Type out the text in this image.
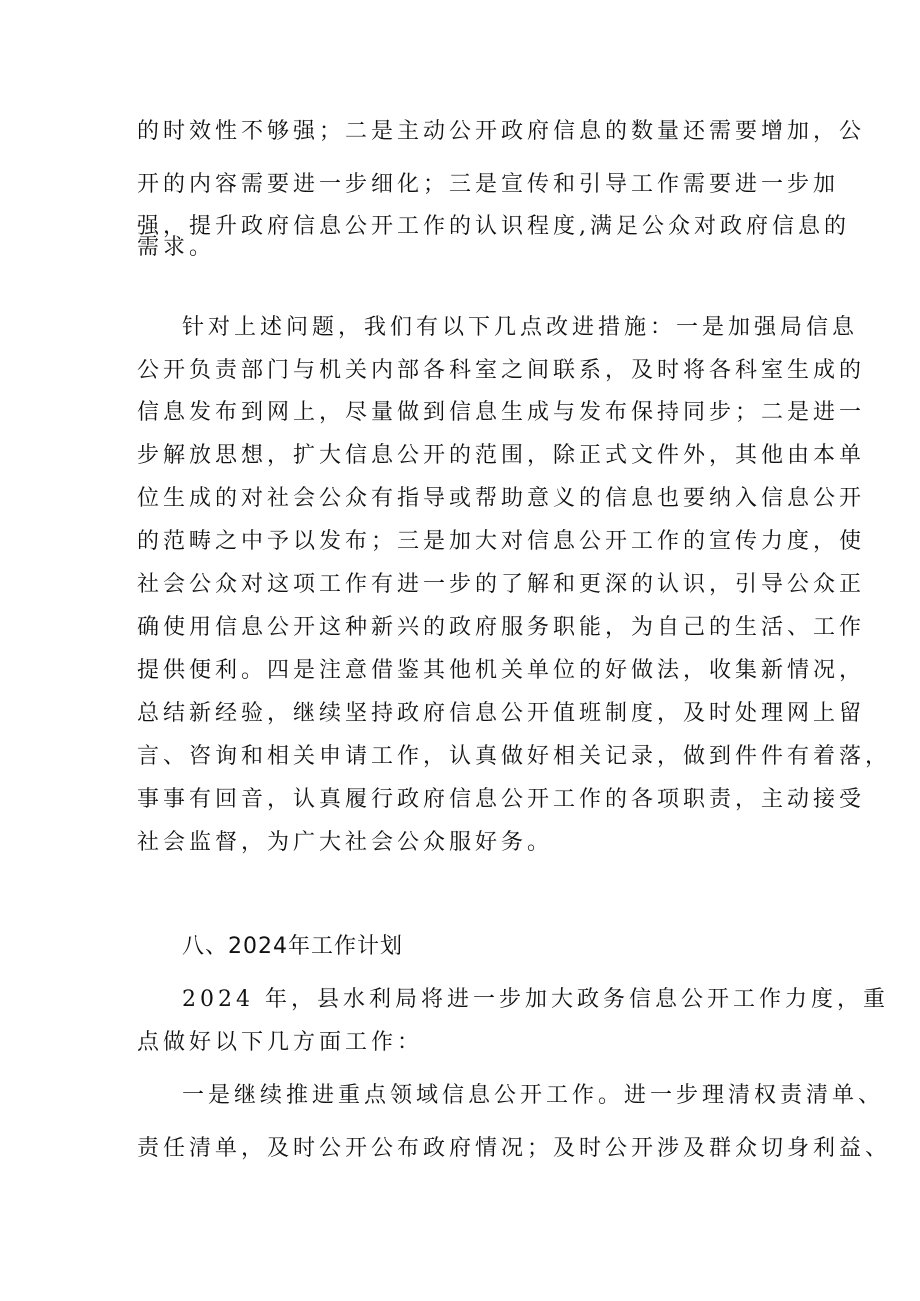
的时效性不够强；二是主动公开政府信息的数量还需要增加，公
开的内容需要进一步细化；三是宣传和引导工作需要进一步加
强，提升政府信息公开工作的认识程度,满足公众对政府信息的
需求。
针对上述问题，我们有以下几点改进措施：一是加强局信息
公开负责部门与机关内部各科室之间联系，及时将各科室生成的
信息发布到网上，尽量做到信息生成与发布保持同步；二是进一
步解放思想，扩大信息公开的范围，除正式文件外，其他由本单
位生成的对社会公众有指导或帮助意义的信息也要纳入信息公开
的范畴之中予以发布；三是加大对信息公开工作的宣传力度，使
社会公众对这项工作有进一步的了解和更深的认识，引导公众正
确使用信息公开这种新兴的政府服务职能，为自己的生活、工作
提供便利。四是注意借鉴其他机关单位的好做法，收集新情况，
总结新经验，继续坚持政府信息公开值班制度，及时处理网上留
言、咨询和相关申请工作，认真做好相关记录，做到件件有着落，
事事有回音，认真履行政府信息公开工作的各项职责，主动接受
社会监督，为广大社会公众服好务。
八、2024年工作计划
2024 年，县水利局将进一步加大政务信息公开工作力度，重
点做好以下几方面工作：
一是继续推进重点领域信息公开工作。进一步理清权责清单、
责任清单，及时公开公布政府情况；及时公开涉及群众切身利益、
